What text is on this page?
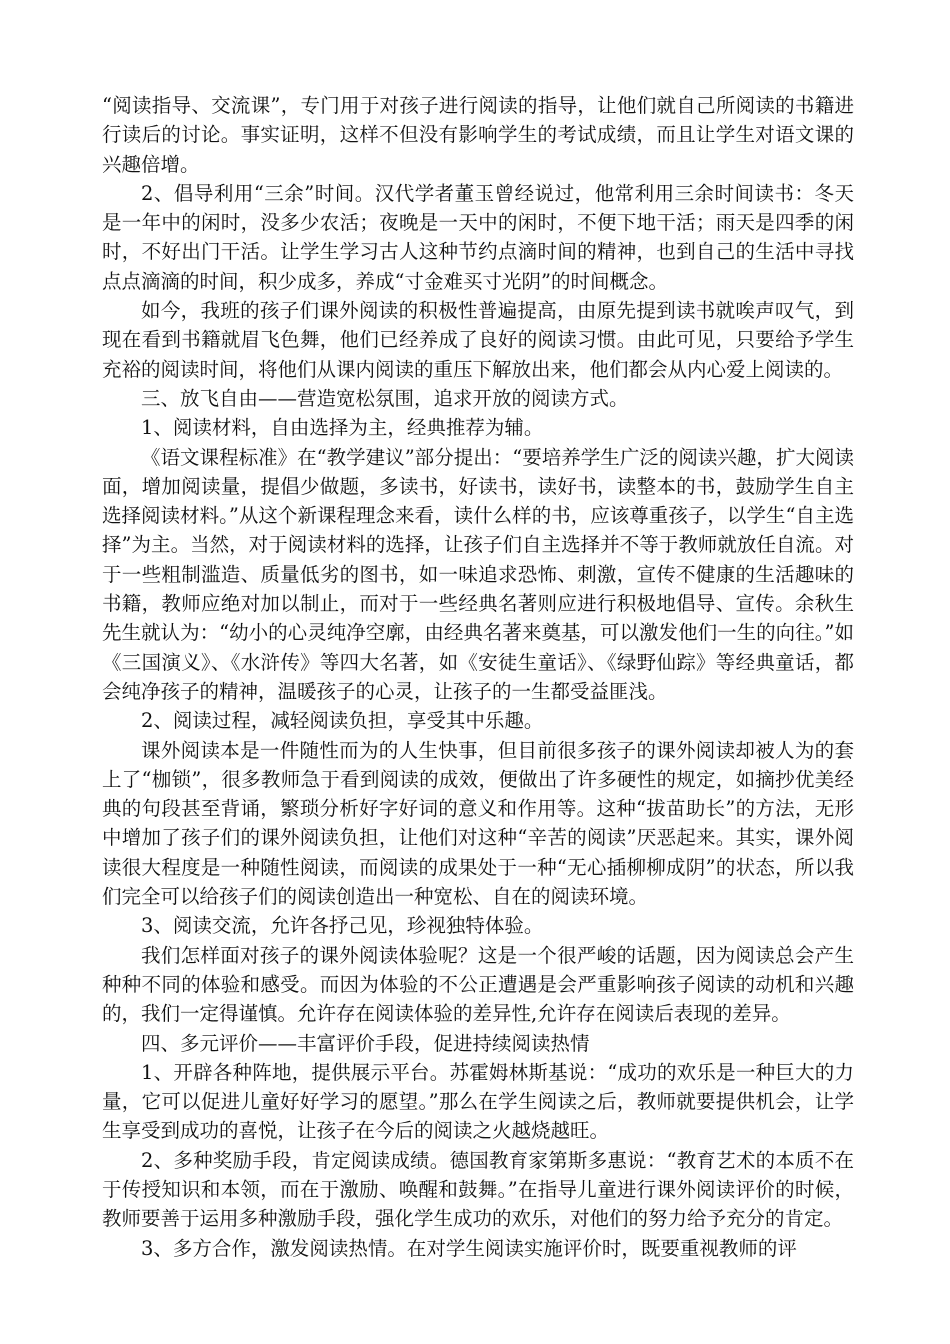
“阅读指导、交流课”，专门用于对孩子进行阅读的指导，让他们就自己所阅读的书籍进行读后的讨论。事实证明，这样不但没有影响学生的考试成绩，而且让学生对语文课的兴趣倍增。

2、倡导利用“三余”时间。汉代学者董玉曾经说过，他常利用三余时间读书：冬天是一年中的闲时，没多少农活；夜晚是一天中的闲时，不便下地干活；雨天是四季的闲时，不好出门干活。让学生学习古人这种节约点滴时间的精神，也到自己的生活中寻找点点滴滴的时间，积少成多，养成“寸金难买寸光阴”的时间概念。

如今，我班的孩子们课外阅读的积极性普遍提高，由原先提到读书就唉声叹气，到现在看到书籍就眉飞色舞，他们已经养成了良好的阅读习惯。由此可见，只要给予学生充裕的阅读时间，将他们从课内阅读的重压下解放出来，他们都会从内心爱上阅读的。

三、放飞自由——营造宽松氛围，追求开放的阅读方式。

1、阅读材料，自由选择为主，经典推荐为辅。

《语文课程标准》在“教学建议”部分提出：“要培养学生广泛的阅读兴趣，扩大阅读面，增加阅读量，提倡少做题，多读书，好读书，读好书，读整本的书，鼓励学生自主选择阅读材料。”从这个新课程理念来看，读什么样的书，应该尊重孩子，以学生“自主选择”为主。当然，对于阅读材料的选择，让孩子们自主选择并不等于教师就放任自流。对于一些粗制滥造、质量低劣的图书，如一味追求恐怖、刺激，宣传不健康的生活趣味的书籍，教师应绝对加以制止，而对于一些经典名著则应进行积极地倡导、宣传。余秋生先生就认为：“幼小的心灵纯净空廓，由经典名著来奠基，可以激发他们一生的向往。”如《三国演义》、《水浒传》等四大名著，如《安徒生童话》、《绿野仙踪》等经典童话，都会纯净孩子的精神，温暖孩子的心灵，让孩子的一生都受益匪浅。

2、阅读过程，减轻阅读负担，享受其中乐趣。

课外阅读本是一件随性而为的人生快事，但目前很多孩子的课外阅读却被人为的套上了“枷锁”，很多教师急于看到阅读的成效，便做出了许多硬性的规定，如摘抄优美经典的句段甚至背诵，繁琐分析好字好词的意义和作用等。这种“拔苗助长”的方法，无形中增加了孩子们的课外阅读负担，让他们对这种“辛苦的阅读”厌恶起来。其实，课外阅读很大程度是一种随性阅读，而阅读的成果处于一种“无心插柳柳成阴”的状态，所以我们完全可以给孩子们的阅读创造出一种宽松、自在的阅读环境。

3、阅读交流，允许各抒己见，珍视独特体验。

我们怎样面对孩子的课外阅读体验呢？这是一个很严峻的话题，因为阅读总会产生种种不同的体验和感受。而因为体验的不公正遭遇是会严重影响孩子阅读的动机和兴趣的，我们一定得谨慎。允许存在阅读体验的差异性,允许存在阅读后表现的差异。

四、多元评价——丰富评价手段，促进持续阅读热情

1、开辟各种阵地，提供展示平台。苏霍姆林斯基说：“成功的欢乐是一种巨大的力量，它可以促进儿童好好学习的愿望。”那么在学生阅读之后，教师就要提供机会，让学生享受到成功的喜悦，让孩子在今后的阅读之火越烧越旺。

2、多种奖励手段，肯定阅读成绩。德国教育家第斯多惠说：“教育艺术的本质不在于传授知识和本领，而在于激励、唤醒和鼓舞。”在指导儿童进行课外阅读评价的时候，教师要善于运用多种激励手段，强化学生成功的欢乐，对他们的努力给予充分的肯定。

3、多方合作，激发阅读热情。在对学生阅读实施评价时，既要重视教师的评
